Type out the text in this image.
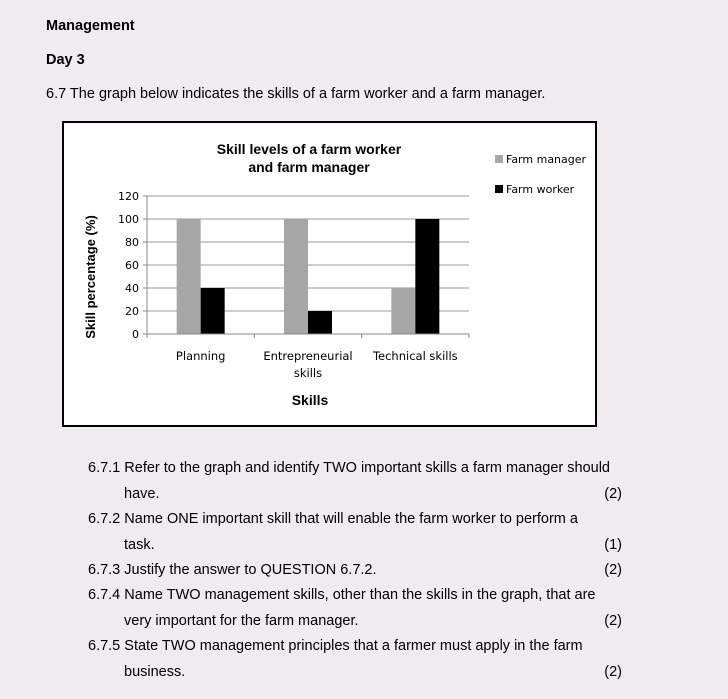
Management
Day 3
6.7 The graph below indicates the skills of a farm worker and a farm manager.
0
20
40
60
80
100
120
Planning	Entrepreneurial
skills
Technical skills
Skill levels of a farm worker
and farm manager
Skills
Skill percentage (%)
Farm manager
Farm worker
6.7.1 Refer to the graph and identify TWO important skills a farm manager should
have.	(2)
6.7.2 Name ONE important skill that will enable the farm worker to perform a
task.	(1)
6.7.3 Justify the answer to QUESTION 6.7.2.	(2)
6.7.4 Name TWO management skills, other than the skills in the graph, that are
very important for the farm manager.	(2)
6.7.5 State TWO management principles that a farmer must apply in the farm
business.	(2)
